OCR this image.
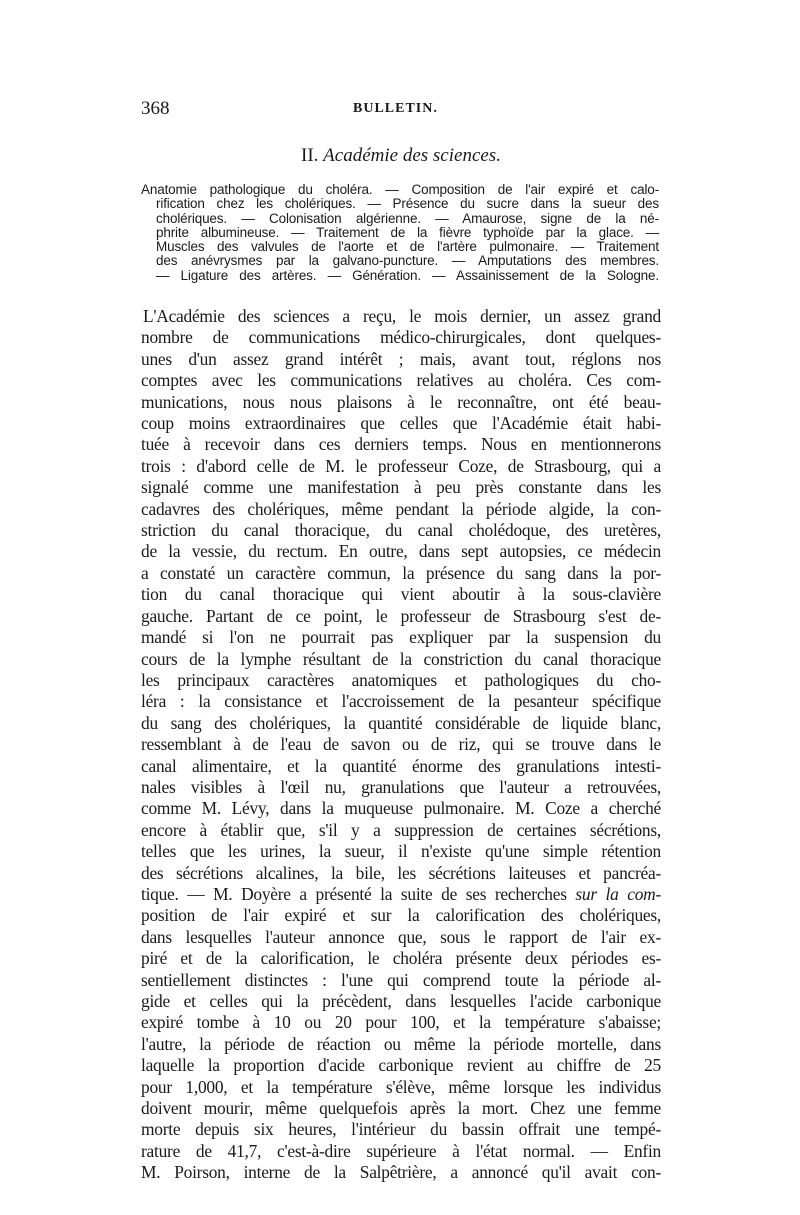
368	BULLETIN.
II. Académie des sciences.
Anatomie pathologique du choléra. — Composition de l'air expiré et calo-
rification chez les cholériques. — Présence du sucre dans la sueur des
cholériques. — Colonisation algérienne. — Amaurose, signe de la né-
phrite albumineuse. — Traitement de la fièvre typhoïde par la glace. —
Muscles des valvules de l'aorte et de l'artère pulmonaire. — Traitement
des anévrysmes par la galvano-puncture. — Amputations des membres.
— Ligature des artères. — Génération. — Assainissement de la Sologne.
L'Académie des sciences a reçu, le mois dernier, un assez grand
nombre de communications médico-chirurgicales, dont quelques-
unes d'un assez grand intérêt ; mais, avant tout, réglons nos
comptes avec les communications relatives au choléra. Ces com-
munications, nous nous plaisons à le reconnaître, ont été beau-
coup moins extraordinaires que celles que l'Académie était habi-
tuée à recevoir dans ces derniers temps. Nous en mentionnerons
trois : d'abord celle de M. le professeur Coze, de Strasbourg, qui a
signalé comme une manifestation à peu près constante dans les
cadavres des cholériques, même pendant la période algide, la con-
striction du canal thoracique, du canal cholédoque, des uretères,
de la vessie, du rectum. En outre, dans sept autopsies, ce médecin
a constaté un caractère commun, la présence du sang dans la por-
tion du canal thoracique qui vient aboutir à la sous-clavière
gauche. Partant de ce point, le professeur de Strasbourg s'est de-
mandé si l'on ne pourrait pas expliquer par la suspension du
cours de la lymphe résultant de la constriction du canal thoracique
les principaux caractères anatomiques et pathologiques du cho-
léra : la consistance et l'accroissement de la pesanteur spécifique
du sang des cholériques, la quantité considérable de liquide blanc,
ressemblant à de l'eau de savon ou de riz, qui se trouve dans le
canal alimentaire, et la quantité énorme des granulations intesti-
nales visibles à l'œil nu, granulations que l'auteur a retrouvées,
comme M. Lévy, dans la muqueuse pulmonaire. M. Coze a cherché
encore à établir que, s'il y a suppression de certaines sécrétions,
telles que les urines, la sueur, il n'existe qu'une simple rétention
des sécrétions alcalines, la bile, les sécrétions laiteuses et pancréa-
tique. — M. Doyère a présenté la suite de ses recherches sur la com-
position de l'air expiré et sur la calorification des cholériques,
dans lesquelles l'auteur annonce que, sous le rapport de l'air ex-
piré et de la calorification, le choléra présente deux périodes es-
sentiellement distinctes : l'une qui comprend toute la période al-
gide et celles qui la précèdent, dans lesquelles l'acide carbonique
expiré tombe à 10 ou 20 pour 100, et la température s'abaisse;
l'autre, la période de réaction ou même la période mortelle, dans
laquelle la proportion d'acide carbonique revient au chiffre de 25
pour 1,000, et la température s'élève, même lorsque les individus
doivent mourir, même quelquefois après la mort. Chez une femme
morte depuis six heures, l'intérieur du bassin offrait une tempé-
rature de 41,7, c'est-à-dire supérieure à l'état normal. — Enfin
M. Poirson, interne de la Salpêtrière, a annoncé qu'il avait con-
